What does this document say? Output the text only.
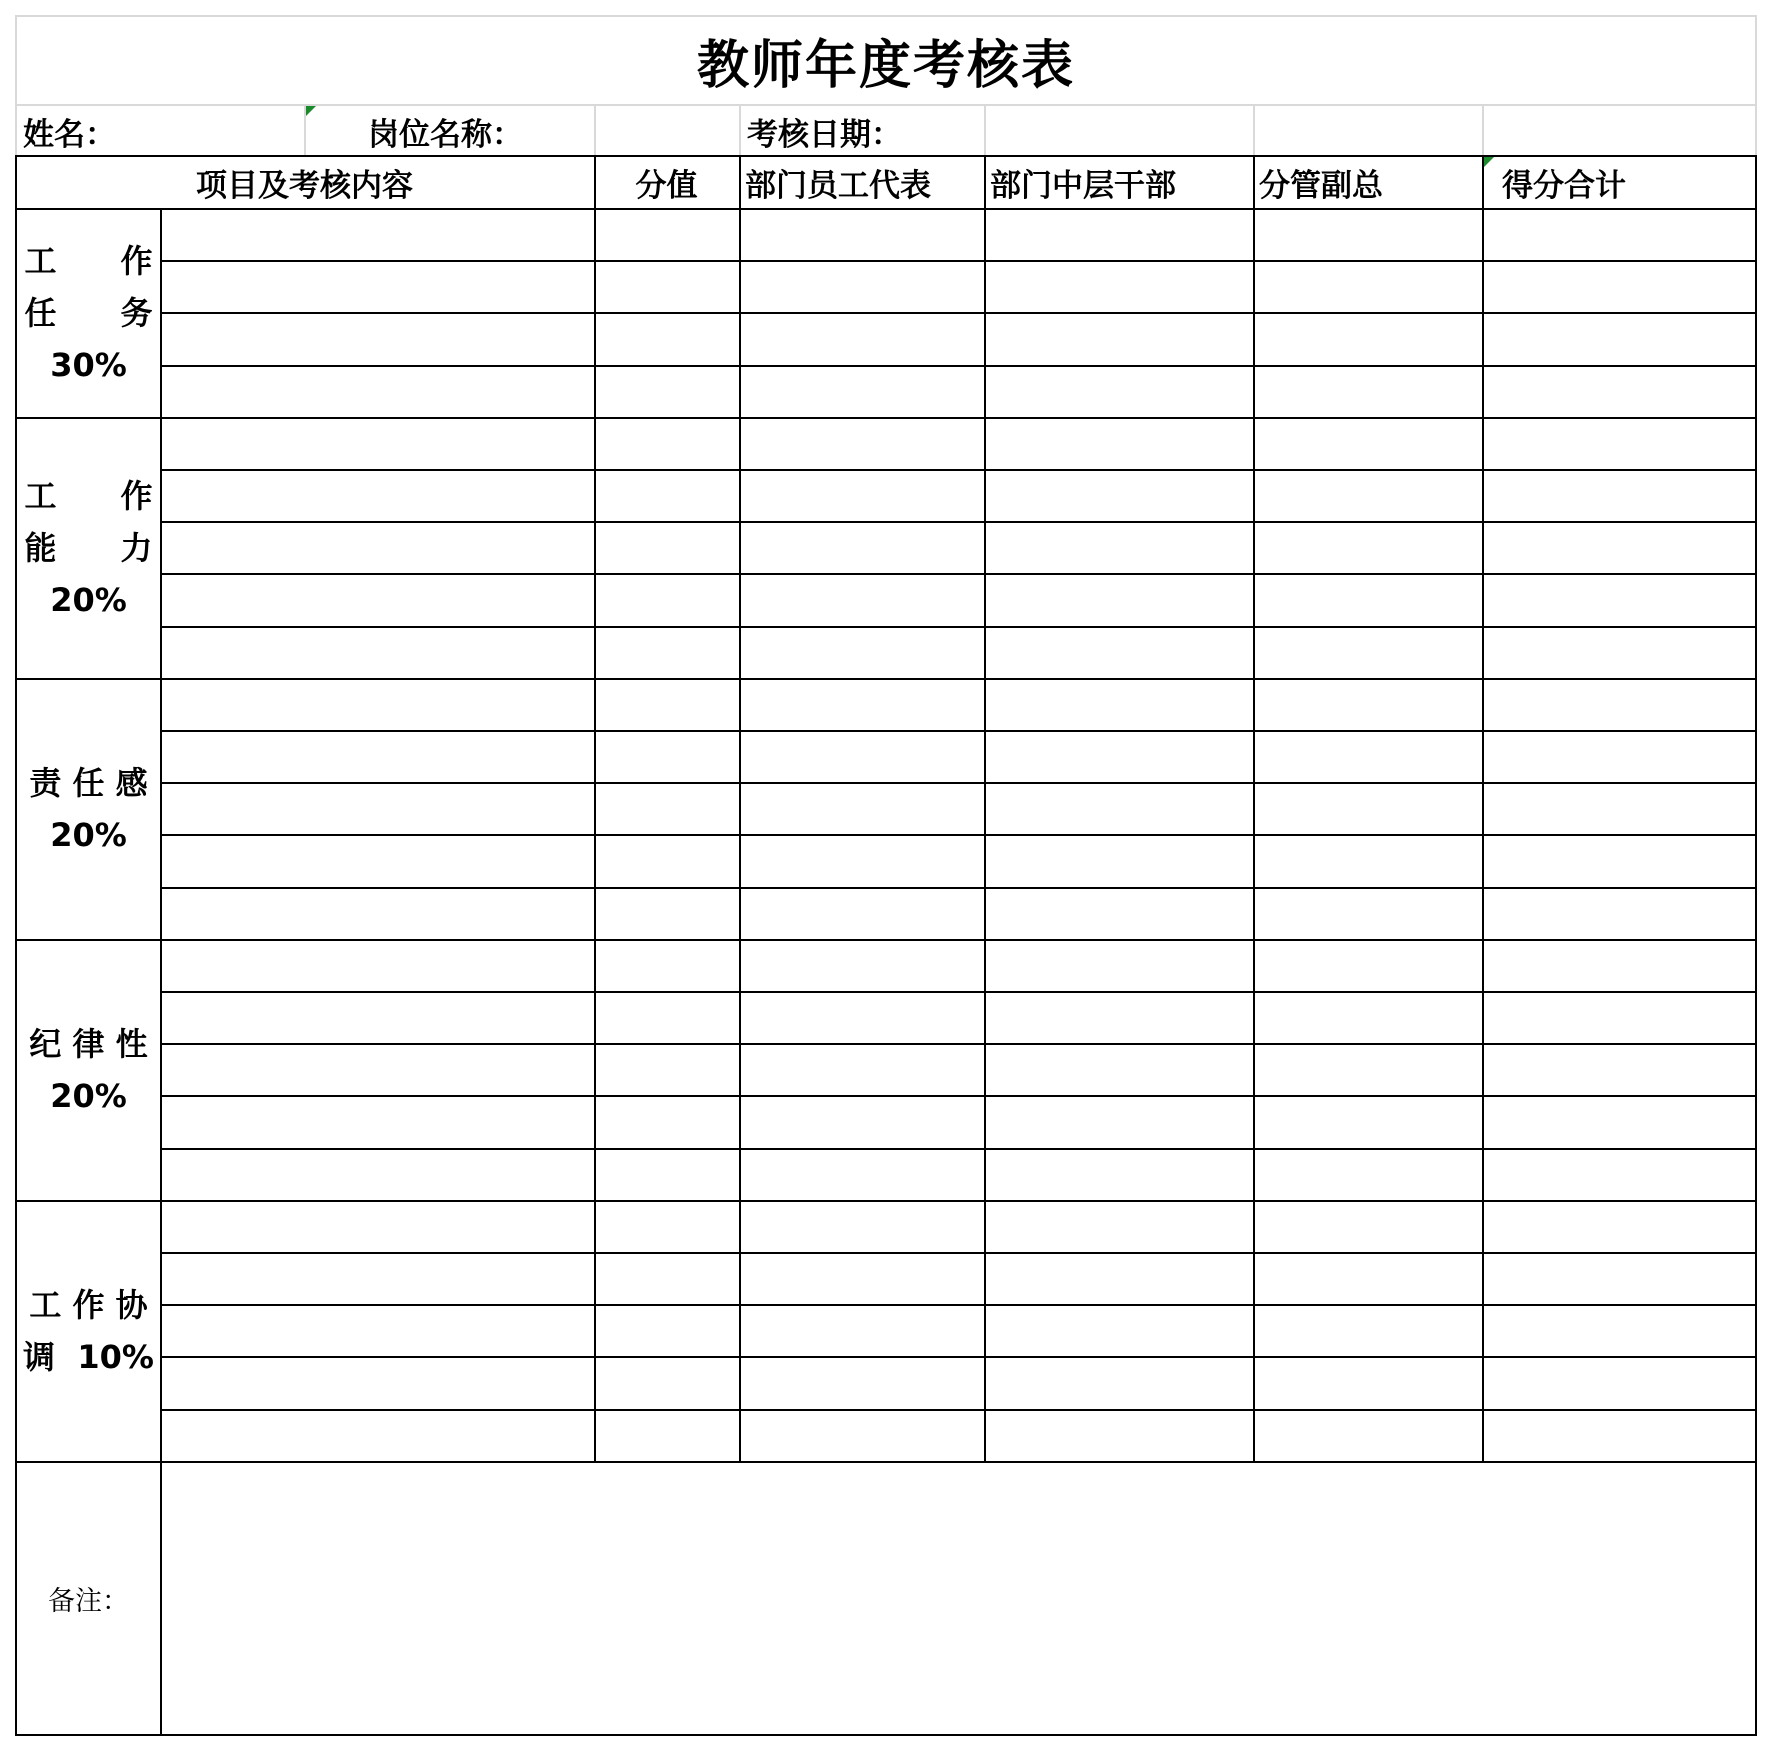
教师年度考核表
姓名：	岗位名称：	考核日期：
项目及考核内容	分值	部门员工代表	部门中层干部	分管副总	得分合计
工　　作
任　　务
30%
工　　作
能　　力
20%
责 任 感
20%
纪 律 性
20%
工 作 协
调  10%
备注：
